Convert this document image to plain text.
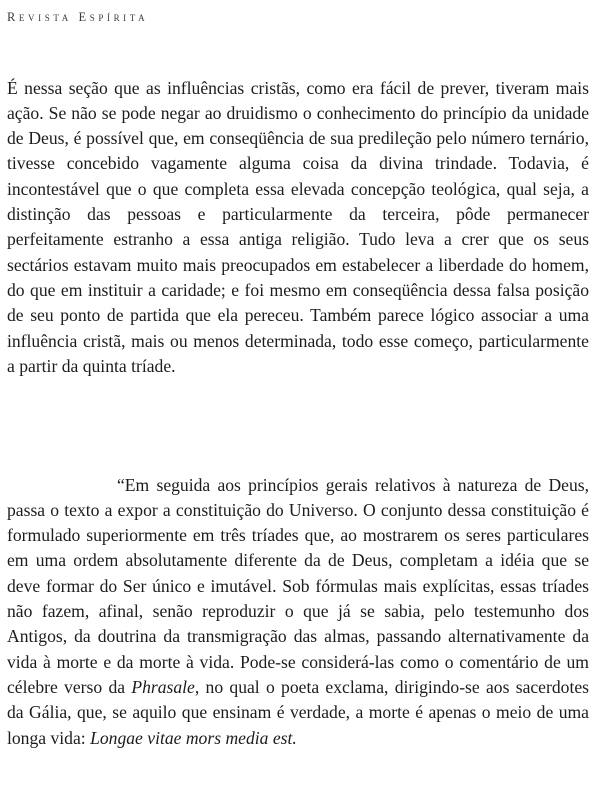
Revista Espírita

É nessa seção que as influências cristãs, como era fácil de prever, tiveram mais ação. Se não se pode negar ao druidismo o conhecimento do princípio da unidade de Deus, é possível que, em conseqüência de sua predileção pelo número ternário, tivesse concebido vagamente alguma coisa da divina trindade. Todavia, é incontestável que o que completa essa elevada concepção teológica, qual seja, a distinção das pessoas e particularmente da terceira, pôde permanecer perfeitamente estranho a essa antiga religião. Tudo leva a crer que os seus sectários estavam muito mais preocupados em estabelecer a liberdade do homem, do que em instituir a caridade; e foi mesmo em conseqüência dessa falsa posição de seu ponto de partida que ela pereceu. Também parece lógico associar a uma influência cristã, mais ou menos determinada, todo esse começo, particularmente a partir da quinta tríade.

“Em seguida aos princípios gerais relativos à natureza de Deus, passa o texto a expor a constituição do Universo. O conjunto dessa constituição é formulado superiormente em três tríades que, ao mostrarem os seres particulares em uma ordem absolutamente diferente da de Deus, completam a idéia que se deve formar do Ser único e imutável. Sob fórmulas mais explícitas, essas tríades não fazem, afinal, senão reproduzir o que já se sabia, pelo testemunho dos Antigos, da doutrina da transmigração das almas, passando alternativamente da vida à morte e da morte à vida. Pode-se considerá-las como o comentário de um célebre verso da Phrasale, no qual o poeta exclama, dirigindo-se aos sacerdotes da Gália, que, se aquilo que ensinam é verdade, a morte é apenas o meio de uma longa vida: Longae vitae mors media est.
